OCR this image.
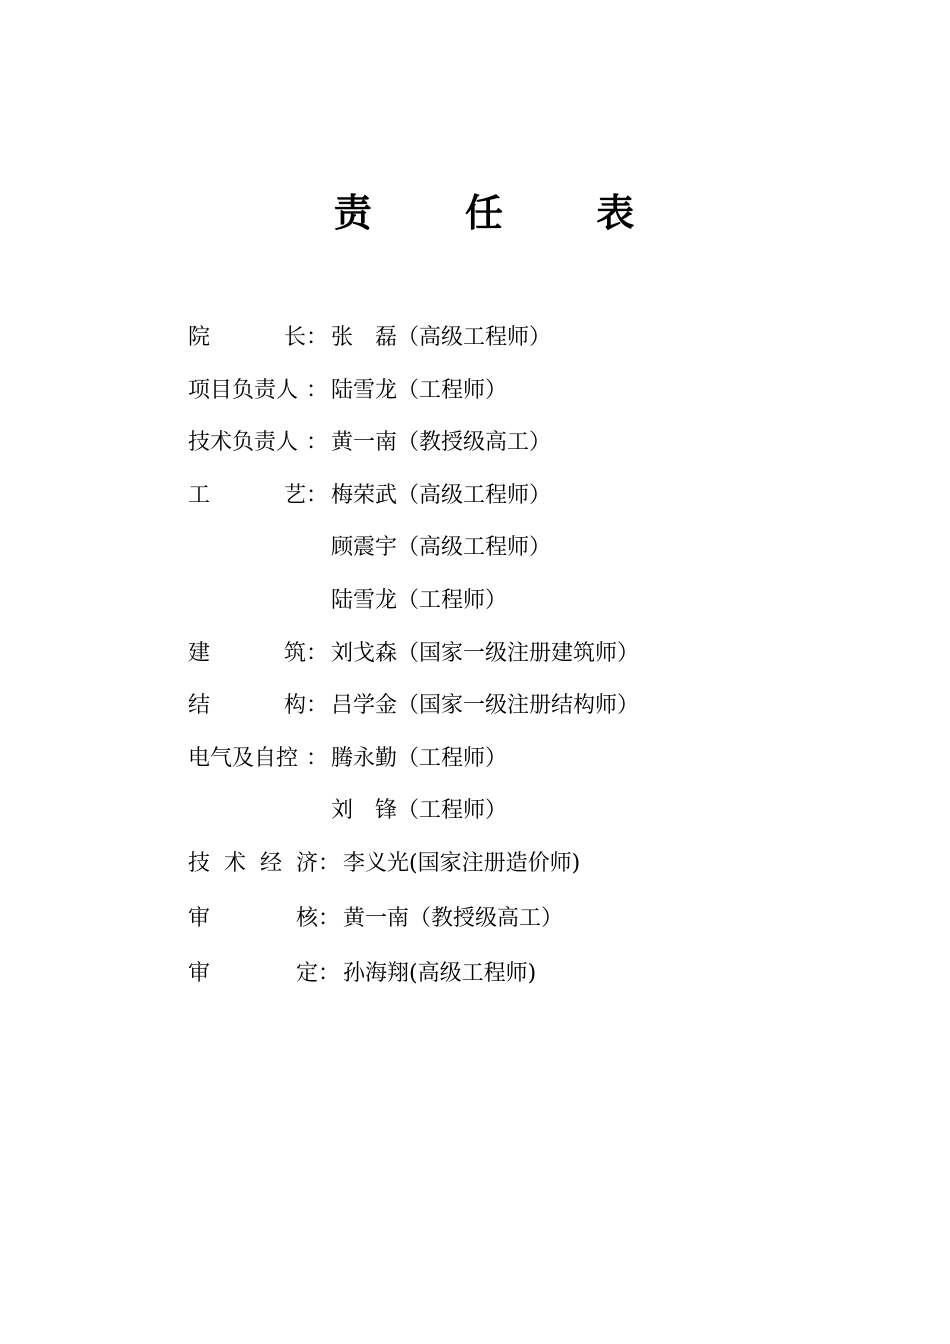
责 任 表
院	长 ： 张　磊（高级工程师）
项目负责人 ： 陆雪龙（工程师）
技术负责人 ： 黄一南（教授级高工）
工	艺 ： 梅荣武（高级工程师）
顾震宇（高级工程师）
陆雪龙（工程师）
建	筑 ： 刘戈森（国家一级注册建筑师）
结	构 ： 吕学金（国家一级注册结构师）
电气及自控 ： 腾永勤（工程师）
刘　锋（工程师）
技 术 经 济 ： 李义光(国家注册造价师)
审	核 ： 黄一南（教授级高工）
审	定 ： 孙海翔(高级工程师)
